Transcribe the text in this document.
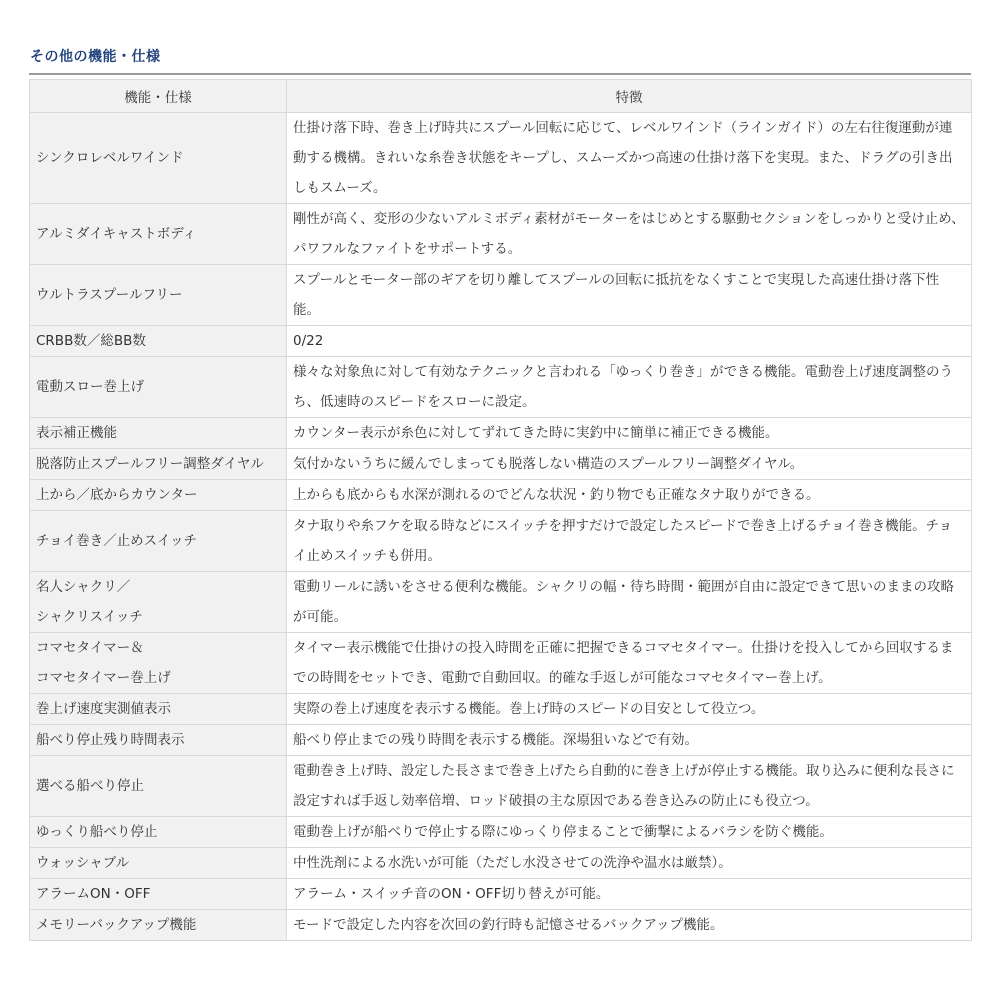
その他の機能・仕様
機能・仕様	特徴
シンクロレベルワインド	仕掛け落下時、巻き上げ時共にスプール回転に応じて、レベルワインド（ラインガイド）の左右往復運動が連動する機構。きれいな糸巻き状態をキープし、スムーズかつ高速の仕掛け落下を実現。また、ドラグの引き出しもスムーズ。
アルミダイキャストボディ	剛性が高く、変形の少ないアルミボディ素材がモーターをはじめとする駆動セクションをしっかりと受け止め、パワフルなファイトをサポートする。
ウルトラスプールフリー	スプールとモーター部のギアを切り離してスプールの回転に抵抗をなくすことで実現した高速仕掛け落下性能。
CRBB数／総BB数	0/22
電動スロー巻上げ	様々な対象魚に対して有効なテクニックと言われる「ゆっくり巻き」ができる機能。電動巻上げ速度調整のうち、低速時のスピードをスローに設定。
表示補正機能	カウンター表示が糸色に対してずれてきた時に実釣中に簡単に補正できる機能。
脱落防止スプールフリー調整ダイヤル	気付かないうちに緩んでしまっても脱落しない構造のスプールフリー調整ダイヤル。
上から／底からカウンター	上からも底からも水深が測れるのでどんな状況・釣り物でも正確なタナ取りができる。
チョイ巻き／止めスイッチ	タナ取りや糸フケを取る時などにスイッチを押すだけで設定したスピードで巻き上げるチョイ巻き機能。チョイ止めスイッチも併用。
名人シャクリ／
シャクリスイッチ	電動リールに誘いをさせる便利な機能。シャクリの幅・待ち時間・範囲が自由に設定できて思いのままの攻略が可能。
コマセタイマー＆
コマセタイマー巻上げ	タイマー表示機能で仕掛けの投入時間を正確に把握できるコマセタイマー。仕掛けを投入してから回収するまでの時間をセットでき、電動で自動回収。的確な手返しが可能なコマセタイマー巻上げ。
巻上げ速度実測値表示	実際の巻上げ速度を表示する機能。巻上げ時のスピードの目安として役立つ。
船べり停止残り時間表示	船べり停止までの残り時間を表示する機能。深場狙いなどで有効。
選べる船べり停止	電動巻き上げ時、設定した長さまで巻き上げたら自動的に巻き上げが停止する機能。取り込みに便利な長さに設定すれば手返し効率倍増、ロッド破損の主な原因である巻き込みの防止にも役立つ。
ゆっくり船べり停止	電動巻上げが船べりで停止する際にゆっくり停まることで衝撃によるバラシを防ぐ機能。
ウォッシャブル	中性洗剤による水洗いが可能（ただし水没させての洗浄や温水は厳禁）。
アラームON・OFF	アラーム・スイッチ音のON・OFF切り替えが可能。
メモリーバックアップ機能	モードで設定した内容を次回の釣行時も記憶させるバックアップ機能。
